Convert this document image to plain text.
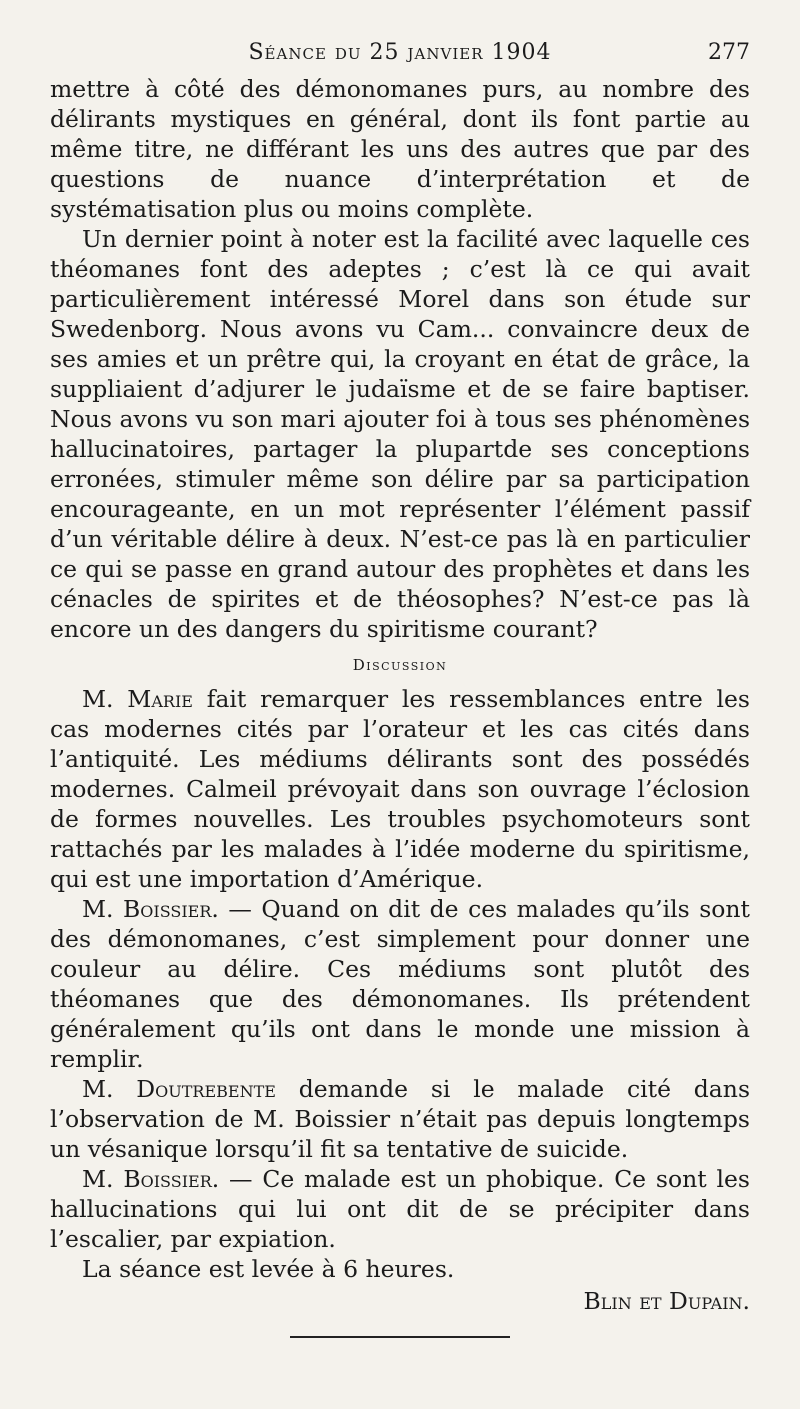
Séance du 25 janvier 1904	277

mettre à côté des démonomanes purs, au nombre des délirants mystiques en général, dont ils font partie au même titre, ne différant les uns des autres que par des questions de nuance d’interprétation et de systématisation plus ou moins complète.

Un dernier point à noter est la facilité avec laquelle ces théomanes font des adeptes ; c’est là ce qui avait particulièrement intéressé Morel dans son étude sur Swedenborg. Nous avons vu Cam... convaincre deux de ses amies et un prêtre qui, la croyant en état de grâce, la suppliaient d’adjurer le judaïsme et de se faire baptiser. Nous avons vu son mari ajouter foi à tous ses phénomènes hallucinatoires, partager la plupartde ses conceptions erronées, stimuler même son délire par sa participation encourageante, en un mot représenter l’élément passif d’un véritable délire à deux. N’est-ce pas là en particulier ce qui se passe en grand autour des prophètes et dans les cénacles de spirites et de théosophes? N’est-ce pas là encore un des dangers du spiritisme courant?

Discussion

M. Marie fait remarquer les ressemblances entre les cas modernes cités par l’orateur et les cas cités dans l’antiquité. Les médiums délirants sont des possédés modernes. Calmeil prévoyait dans son ouvrage l’éclosion de formes nouvelles. Les troubles psychomoteurs sont rattachés par les malades à l’idée moderne du spiritisme, qui est une importation d’Amérique.

M. Boissier. — Quand on dit de ces malades qu’ils sont des démonomanes, c’est simplement pour donner une couleur au délire. Ces médiums sont plutôt des théomanes que des démonomanes. Ils prétendent généralement qu’ils ont dans le monde une mission à remplir.

M. Doutrebente demande si le malade cité dans l’observation de M. Boissier n’était pas depuis longtemps un vésanique lorsqu’il fit sa tentative de suicide.

M. Boissier. — Ce malade est un phobique. Ce sont les hallucinations qui lui ont dit de se précipiter dans l’escalier, par expiation.

La séance est levée à 6 heures.

Blin et Dupain.
